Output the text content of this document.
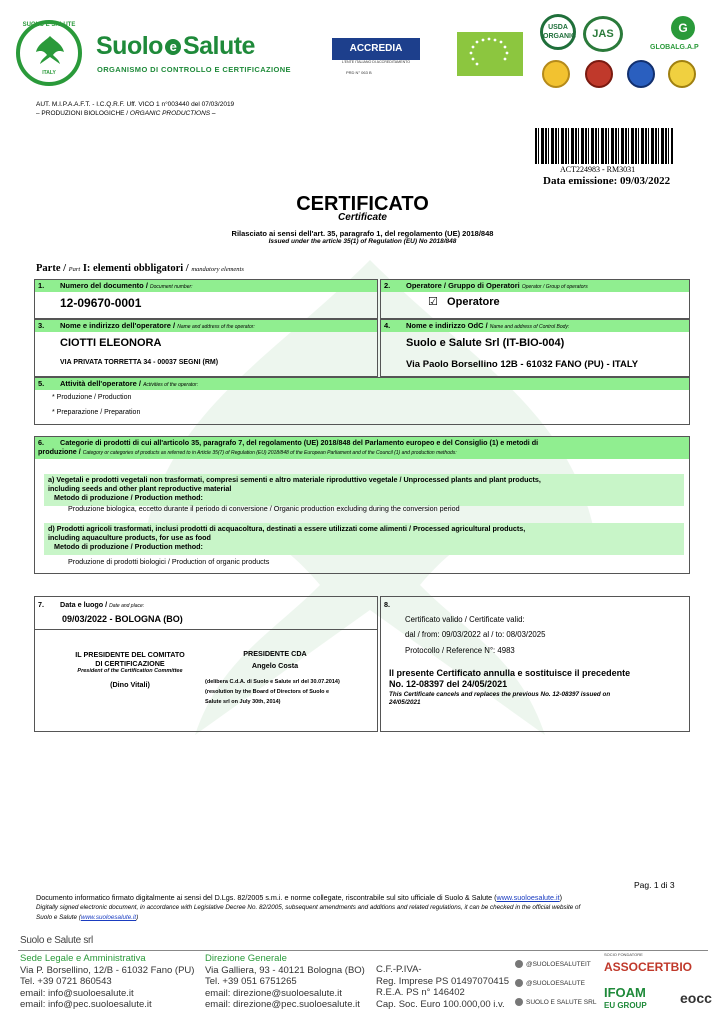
SUOLO E SALUTE
ITALY
Suolo e Salute
ORGANISMO DI CONTROLLO E CERTIFICAZIONE
ACCREDIA
L'ENTE ITALIANO DI ACCREDITAMENTO
PRD N° 063 B
USDA ORGANIC	JAS	G
GLOBALG.A.P
AUT. M.I.P.A.A.F.T. - I.C.Q.R.F. Uff. VICO 1 n°003440 del 07/03/2019
– PRODUZIONI BIOLOGICHE / ORGANIC PRODUCTIONS –
ACT224983 - RM3031
Data emissione: 09/03/2022
CERTIFICATO
Certificate
Rilasciato ai sensi dell'art. 35, paragrafo 1, del regolamento (UE) 2018/848
Issued under the article 35(1) of Regulation (EU) No 2018/848
Parte / Part I: elementi obbligatori / mandatory elements
1. Numero del documento / Document number:
12-09670-0001
2. Operatore / Gruppo di Operatori Operator / Group of operators
☑ Operatore
3. Nome e indirizzo dell'operatore / Name and address of the operator:
CIOTTI ELEONORA
VIA PRIVATA TORRETTA 34 - 00037 SEGNI (RM)
4. Nome e indirizzo OdC / Name and address of Control Body:
Suolo e Salute Srl (IT-BIO-004)
Via Paolo Borsellino 12B - 61032 FANO (PU) - ITALY
5. Attività dell'operatore / Activities of the operator:
* Produzione / Production
* Preparazione / Preparation
6. Categorie di prodotti di cui all'articolo 35, paragrafo 7, del regolamento (UE) 2018/848 del Parlamento europeo e del Consiglio (1) e metodi di
produzione / Category or categories of products as referred to in Article 35(7) of Regulation (EU) 2018/848 of the European Parliament and of the Council (1) and production methods:
a) Vegetali e prodotti vegetali non trasformati, compresi sementi e altro materiale riproduttivo vegetale / Unprocessed plants and plant products,
including seeds and other plant reproductive material
Metodo di produzione / Production method:
Produzione biologica, eccetto durante il periodo di conversione / Organic production excluding during the conversion period
d) Prodotti agricoli trasformati, inclusi prodotti di acquacoltura, destinati a essere utilizzati come alimenti / Processed agricultural products,
including aquaculture products, for use as food
Metodo di produzione / Production method:
Produzione di prodotti biologici / Production of organic products
7. Data e luogo / Date and place:
09/03/2022 - BOLOGNA (BO)
IL PRESIDENTE DEL COMITATO
DI CERTIFICAZIONE
President of the Certification Committee
(Dino Vitali)
PRESIDENTE CDA
Angelo Costa
(delibera C.d.A. di Suolo e Salute srl del 30.07.2014)
(resolution by the Board of Directors of Suolo e
Salute srl on July 30th, 2014)
8.
Certificato valido / Certificate valid:
dal / from: 09/03/2022 al / to: 08/03/2025
Protocollo / Reference N°: 4983
Il presente Certificato annulla e sostituisce il precedente
No. 12-08397 del 24/05/2021
This Certificate cancels and replaces the previous No. 12-08397 issued on
24/05/2021
Pag. 1 di 3
Documento informatico firmato digitalmente ai sensi del D.Lgs. 82/2005 s.m.i. e norme collegate, riscontrabile sul sito ufficiale di Suolo & Salute (www.suoloesalute.it)
Digitally signed electronic document, in accordance with Legislative Decree No. 82/2005, subsequent amendments and additions and related regulations, it can be checked in the official website of
Suolo e Salute (www.suoloesalute.it)
Suolo e Salute srl
Sede Legale e Amministrativa
Via P. Borsellino, 12/B - 61032 Fano (PU)
Tel. +39 0721 860543
email: info@suoloesalute.it
email: info@pec.suoloesalute.it
Direzione Generale
Via Galliera, 93 - 40121 Bologna (BO)
Tel. +39 051 6751265
email: direzione@suoloesalute.it
email: direzione@pec.suoloesalute.it
C.F.-P.IVA-
Reg. Imprese PS 01497070415
R.E.A. PS n° 146402
Cap. Soc. Euro 100.000,00 i.v.
@SUOLOESALUTEIT
@SUOLOESALUTE
SUOLO E SALUTE SRL
SOCIO FONDATORE
ASSOCERTBIO
IFOAM
EU GROUP eocc
